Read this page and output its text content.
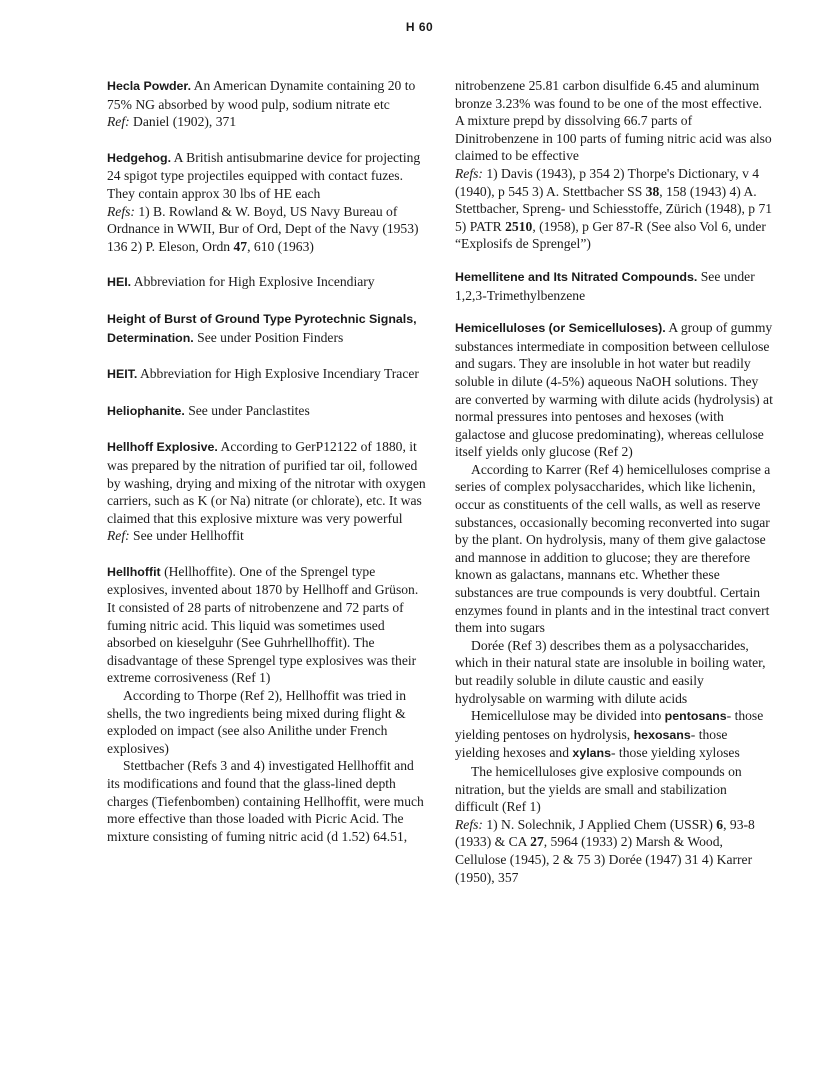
H 60

Hecla Powder. An American Dynamite containing 20 to 75% NG absorbed by wood pulp, sodium nitrate etc

Ref: Daniel (1902), 371

Hedgehog. A British antisubmarine device for projecting 24 spigot type projectiles equipped with contact fuzes. They contain approx 30 lbs of HE each

Refs: 1) B. Rowland & W. Boyd, US Navy Bureau of Ordnance in WWII, Bur of Ord, Dept of the Navy (1953) 136 2) P. Eleson, Ordn 47, 610 (1963)

HEI. Abbreviation for High Explosive Incendiary

Height of Burst of Ground Type Pyrotechnic Signals, Determination. See under Position Finders

HEIT. Abbreviation for High Explosive Incendiary Tracer

Heliophanite. See under Panclastites

Hellhoff Explosive. According to GerP12122 of 1880, it was prepared by the nitration of purified tar oil, followed by washing, drying and mixing of the nitrotar with oxygen carriers, such as K (or Na) nitrate (or chlorate), etc. It was claimed that this explosive mixture was very powerful

Ref: See under Hellhoffit

Hellhoffit (Hellhoffite). One of the Sprengel type explosives, invented about 1870 by Hellhoff and Grüson. It consisted of 28 parts of nitrobenzene and 72 parts of fuming nitric acid. This liquid was sometimes used absorbed on kieselguhr (See Guhrhellhoffit). The disadvantage of these Sprengel type explosives was their extreme corrosiveness (Ref 1)

According to Thorpe (Ref 2), Hellhoffit was tried in shells, the two ingredients being mixed during flight & exploded on impact (see also Anilithe under French explosives)

Stettbacher (Refs 3 and 4) investigated Hellhoffit and its modifications and found that the glass-lined depth charges (Tiefenbomben) containing Hellhoffit, were much more effective than those loaded with Picric Acid. The mixture consisting of fuming nitric acid (d 1.52) 64.51,

nitrobenzene 25.81 carbon disulfide 6.45 and aluminum bronze 3.23% was found to be one of the most effective. A mixture prepd by dissolving 66.7 parts of Dinitrobenzene in 100 parts of fuming nitric acid was also claimed to be effective

Refs: 1) Davis (1943), p 354 2) Thorpe's Dictionary, v 4 (1940), p 545 3) A. Stettbacher SS 38, 158 (1943) 4) A. Stettbacher, Spreng- und Schiesstoffe, Zürich (1948), p 71 5) PATR 2510, (1958), p Ger 87-R (See also Vol 6, under “Explosifs de Sprengel”)

Hemellitene and Its Nitrated Compounds. See under 1,2,3-Trimethylbenzene

Hemicelluloses (or Semicelluloses). A group of gummy substances intermediate in composition between cellulose and sugars. They are insoluble in hot water but readily soluble in dilute (4-5%) aqueous NaOH solutions. They are converted by warming with dilute acids (hydrolysis) at normal pressures into pentoses and hexoses (with galactose and glucose predominating), whereas cellulose itself yields only glucose (Ref 2)

According to Karrer (Ref 4) hemicelluloses comprise a series of complex polysaccharides, which like lichenin, occur as constituents of the cell walls, as well as reserve substances, occasionally becoming reconverted into sugar by the plant. On hydrolysis, many of them give galactose and mannose in addition to glucose; they are therefore known as galactans, mannans etc. Whether these substances are true compounds is very doubtful. Certain enzymes found in plants and in the intestinal tract convert them into sugars

Dorée (Ref 3) describes them as a polysaccharides, which in their natural state are insoluble in boiling water, but readily soluble in dilute caustic and easily hydrolysable on warming with dilute acids

Hemicellulose may be divided into pentosans- those yielding pentoses on hydrolysis, hexosans- those yielding hexoses and xylans- those yielding xyloses

The hemicelluloses give explosive compounds on nitration, but the yields are small and stabilization difficult (Ref 1)

Refs: 1) N. Solechnik, J Applied Chem (USSR) 6, 93-8 (1933) & CA 27, 5964 (1933) 2) Marsh & Wood, Cellulose (1945), 2 & 75 3) Dorée (1947) 31 4) Karrer (1950), 357
